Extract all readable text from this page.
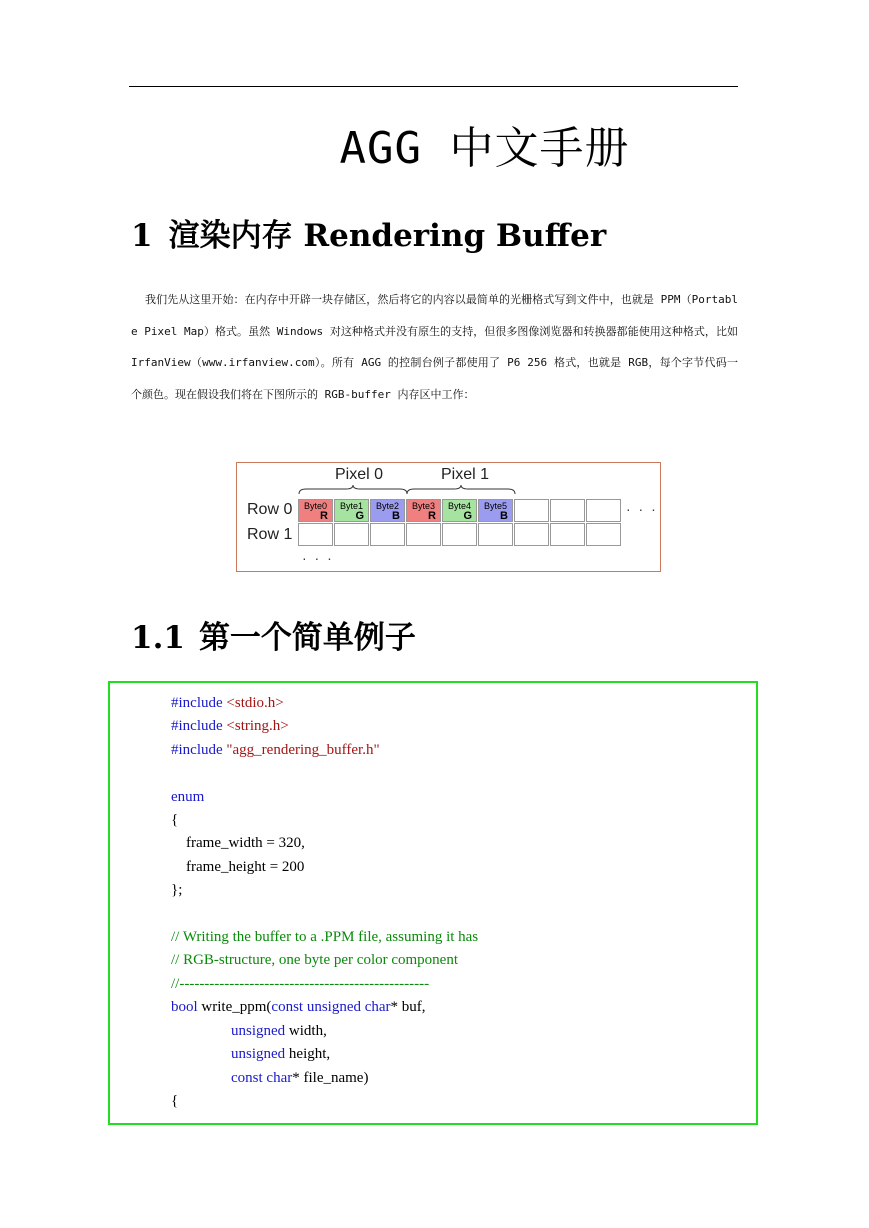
AGG 中文手册
1 渲染内存 Rendering Buffer
我们先从这里开始：在内存中开辟一块存储区，然后将它的内容以最简单的光栅格式写到文件中，也就是 PPM（Portable Pixel Map）格式。虽然 Windows 对这种格式并没有原生的支持，但很多图像浏览器和转换器都能使用这种格式，比如 IrfanView（www.irfanview.com）。所有 AGG 的控制台例子都使用了 P6 256 格式，也就是 RGB，每个字节代码一个颜色。现在假设我们将在下图所示的 RGB-buffer 内存区中工作：
Pixel 0	Pixel 1
Row 0
Row 1
Byte0
R
Byte1
G
Byte2
B
Byte3
R
Byte4
G
Byte5
B	· · ·
· · ·
1.1 第一个简单例子
#include <stdio.h>
#include <string.h>
#include "agg_rendering_buffer.h"

enum
{
frame_width = 320,
frame_height = 200
};

// Writing the buffer to a .PPM file, assuming it has
// RGB-structure, one byte per color component
//--------------------------------------------------
bool write_ppm(const unsigned char* buf,
unsigned width,
unsigned height,
const char* file_name)
{
